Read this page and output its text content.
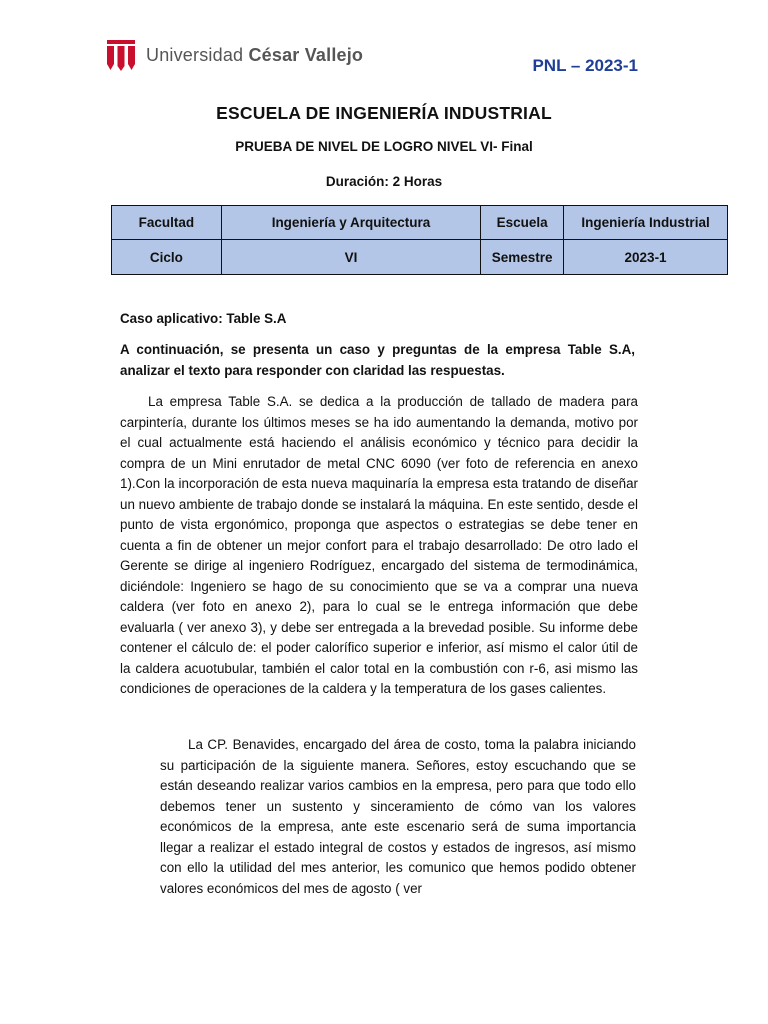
Universidad César Vallejo
PNL – 2023-1
ESCUELA DE INGENIERÍA INDUSTRIAL
PRUEBA DE NIVEL DE LOGRO NIVEL VI- Final
Duración: 2 Horas
Facultad	Ingeniería y Arquitectura	Escuela	Ingeniería Industrial
Ciclo	VI	Semestre	2023-1
Caso aplicativo: Table S.A
A continuación, se presenta un caso y preguntas de la empresa Table S.A, analizar el texto para responder con claridad las respuestas.
La empresa Table S.A. se dedica a la producción de tallado de madera para carpintería, durante los últimos meses se ha ido aumentando la demanda, motivo por el cual actualmente está haciendo el análisis económico y técnico para decidir la compra de un Mini enrutador de metal CNC 6090 (ver foto de referencia en anexo 1).Con la incorporación de esta nueva maquinaría la empresa esta tratando de diseñar un nuevo ambiente de trabajo donde se instalará la máquina. En este sentido, desde el punto de vista ergonómico, proponga que aspectos o estrategias se debe tener en cuenta a fin de obtener un mejor confort para el trabajo desarrollado: De otro lado el Gerente se dirige al ingeniero Rodríguez, encargado del sistema de termodinámica, diciéndole: Ingeniero se hago de su conocimiento que se va a comprar una nueva caldera (ver foto en anexo 2), para lo cual se le entrega información que debe evaluarla ( ver anexo 3), y debe ser entregada a la brevedad posible. Su informe debe contener el cálculo de: el poder calorífico superior e inferior, así mismo el calor útil de la caldera acuotubular, también el calor total en la combustión con r-6, asi mismo las condiciones de operaciones de la caldera y la temperatura de los gases calientes.
La CP. Benavides, encargado del área de costo, toma la palabra iniciando su participación de la siguiente manera. Señores, estoy escuchando que se están deseando realizar varios cambios en la empresa, pero para que todo ello debemos tener un sustento y sinceramiento de cómo van los valores económicos de la empresa, ante este escenario será de suma importancia llegar a realizar el estado integral de costos y estados de ingresos, así mismo con ello la utilidad del mes anterior, les comunico que hemos podido obtener valores económicos del mes de agosto ( ver
